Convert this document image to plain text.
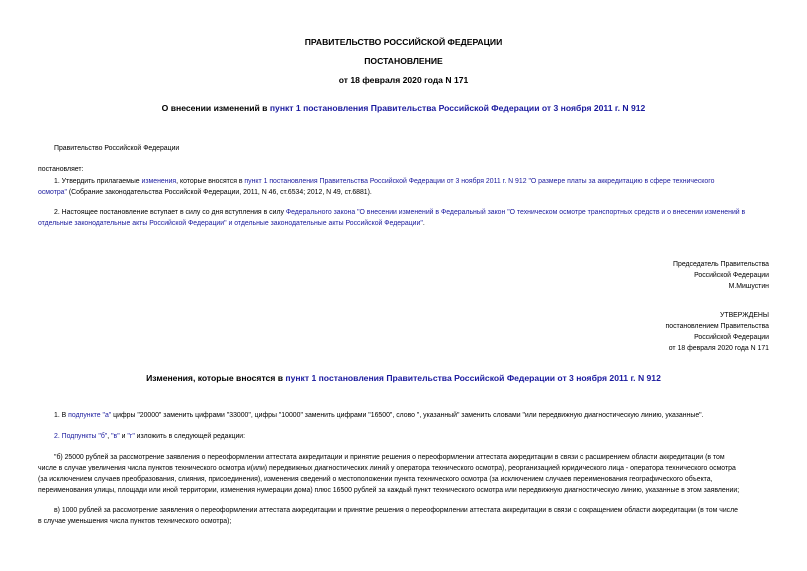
ПРАВИТЕЛЬСТВО РОССИЙСКОЙ ФЕДЕРАЦИИ
ПОСТАНОВЛЕНИЕ
от 18 февраля 2020 года N 171
О внесении изменений в пункт 1 постановления Правительства Российской Федерации от 3 ноября 2011 г. N 912
Правительство Российской Федерации
постановляет:
1. Утвердить прилагаемые изменения, которые вносятся в пункт 1 постановления Правительства Российской Федерации от 3 ноября 2011 г. N 912 "О размере платы за аккредитацию в сфере технического
осмотра" (Собрание законодательства Российской Федерации, 2011, N 46, ст.6534; 2012, N 49, ст.6881).
2. Настоящее постановление вступает в силу со дня вступления в силу Федерального закона "О внесении изменений в Федеральный закон "О техническом осмотре транспортных средств и о внесении изменений в
отдельные законодательные акты Российской Федерации" и отдельные законодательные акты Российской Федерации".
Председатель Правительства
Российской Федерации
М.Мишустин
УТВЕРЖДЕНЫ
постановлением Правительства
Российской Федерации
от 18 февраля 2020 года N 171
Изменения, которые вносятся в пункт 1 постановления Правительства Российской Федерации от 3 ноября 2011 г. N 912
1. В подпункте "а" цифры "20000" заменить цифрами "33000", цифры "10000" заменить цифрами "16500", слово ", указанный" заменить словами "или передвижную диагностическую линию, указанные".
2. Подпункты "б", "в" и "г" изложить в следующей редакции:
"б) 25000 рублей за рассмотрение заявления о переоформлении аттестата аккредитации и принятие решения о переоформлении аттестата аккредитации в связи с расширением области аккредитации (в том
числе в случае увеличения числа пунктов технического осмотра и(или) передвижных диагностических линий у оператора технического осмотра), реорганизацией юридического лица - оператора технического осмотра
(за исключением случаев преобразования, слияния, присоединения), изменения сведений о местоположении пункта технического осмотра (за исключением случаев переименования географического объекта,
переименования улицы, площади или иной территории, изменения нумерации дома) плюс 16500 рублей за каждый пункт технического осмотра или передвижную диагностическую линию, указанные в этом заявлении;
в) 1000 рублей за рассмотрение заявления о переоформлении аттестата аккредитации и принятие решения о переоформлении аттестата аккредитации в связи с сокращением области аккредитации (в том числе
в случае уменьшения числа пунктов технического осмотра);
